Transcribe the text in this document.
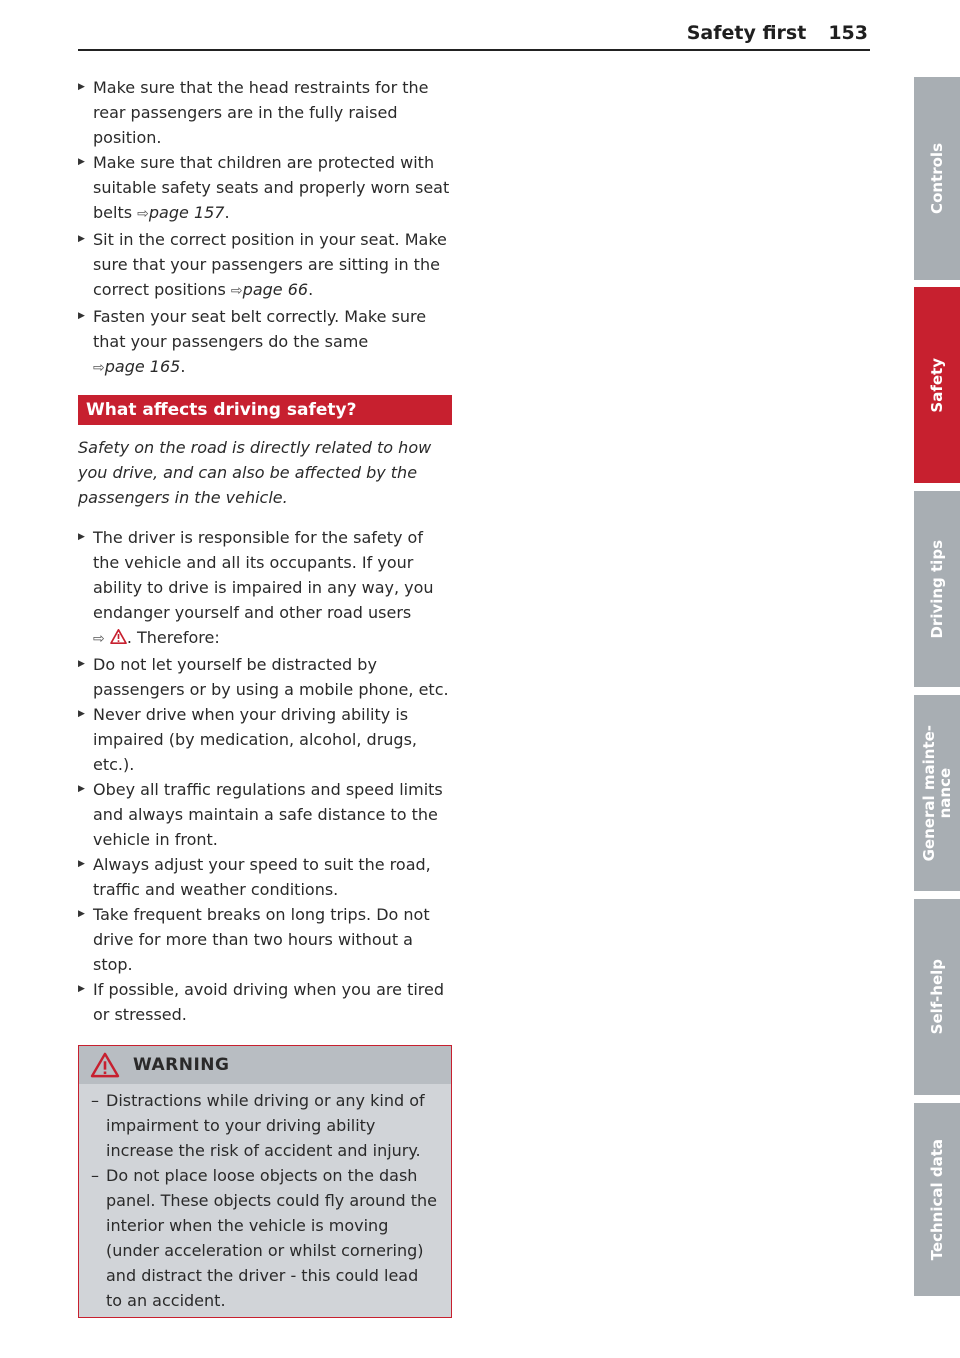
Safety first 153
▶ Make sure that the head restraints for the rear passengers are in the fully raised position.
▶ Make sure that children are protected with suitable safety seats and properly worn seat belts ⇨page 157.
▶ Sit in the correct position in your seat. Make sure that your passengers are sitting in the correct positions ⇨page 66.
▶ Fasten your seat belt correctly. Make sure that your passengers do the same
⇨page 165.
What affects driving safety?
Safety on the road is directly related to how you drive, and can also be affected by the passengers in the vehicle.
▶ The driver is responsible for the safety of the vehicle and all its occupants. If your ability to drive is impaired in any way, you endanger yourself and other road users
⇨ . Therefore:
▶ Do not let yourself be distracted by passengers or by using a mobile phone, etc.
▶ Never drive when your driving ability is impaired (by medication, alcohol, drugs, etc.).
▶ Obey all traffic regulations and speed limits and always maintain a safe distance to the vehicle in front.
▶ Always adjust your speed to suit the road, traffic and weather conditions.
▶ Take frequent breaks on long trips. Do not drive for more than two hours without a stop.
▶ If possible, avoid driving when you are tired or stressed.
WARNING
– Distractions while driving or any kind of impairment to your driving ability increase the risk of accident and injury.
– Do not place loose objects on the dash panel. These objects could fly around the interior when the vehicle is moving (under acceleration or whilst cornering) and distract the driver - this could lead to an accident.
Controls
Safety
Driving tips
General mainte-
nance
Self-help
Technical data
